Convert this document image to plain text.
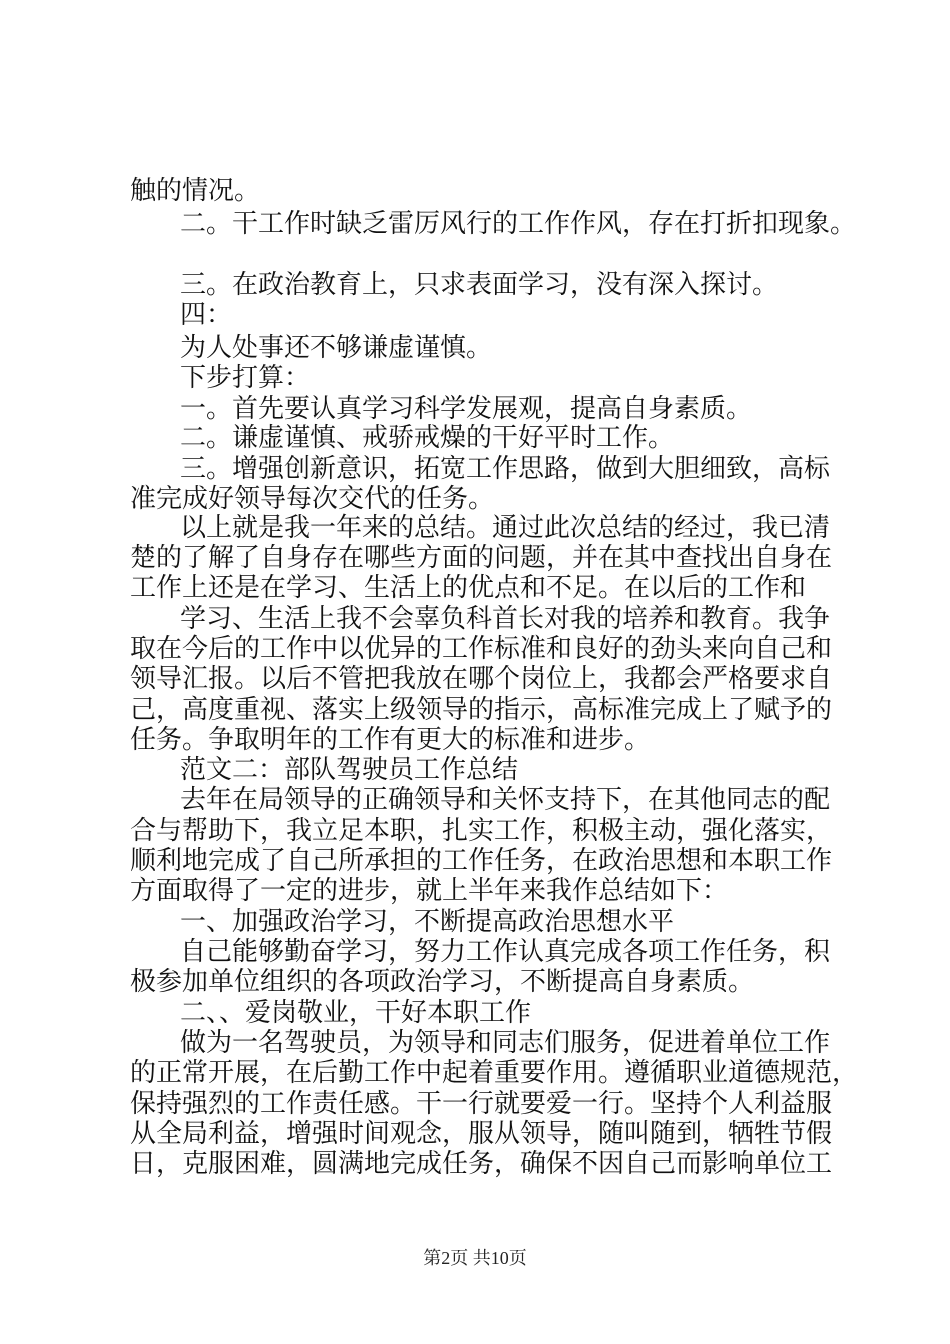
触的情况。
二。干工作时缺乏雷厉风行的工作作风，存在打折扣现象。
三。在政治教育上，只求表面学习，没有深入探讨。
四：
为人处事还不够谦虚谨慎。
下步打算：
一。首先要认真学习科学发展观，提高自身素质。
二。谦虚谨慎、戒骄戒燥的干好平时工作。
三。增强创新意识，拓宽工作思路，做到大胆细致，高标
准完成好领导每次交代的任务。
以上就是我一年来的总结。通过此次总结的经过，我已清
楚的了解了自身存在哪些方面的问题，并在其中查找出自身在
工作上还是在学习、生活上的优点和不足。在以后的工作和
学习、生活上我不会辜负科首长对我的培养和教育。我争
取在今后的工作中以优异的工作标准和良好的劲头来向自己和
领导汇报。以后不管把我放在哪个岗位上，我都会严格要求自
己，高度重视、落实上级领导的指示，高标准完成上了赋予的
任务。争取明年的工作有更大的标准和进步。
范文二：部队驾驶员工作总结
去年在局领导的正确领导和关怀支持下，在其他同志的配
合与帮助下，我立足本职，扎实工作，积极主动，强化落实，
顺利地完成了自己所承担的工作任务，在政治思想和本职工作
方面取得了一定的进步，就上半年来我作总结如下：
一、加强政治学习，不断提高政治思想水平
自己能够勤奋学习，努力工作认真完成各项工作任务，积
极参加单位组织的各项政治学习，不断提高自身素质。
二、、爱岗敬业，干好本职工作
做为一名驾驶员，为领导和同志们服务，促进着单位工作
的正常开展，在后勤工作中起着重要作用。遵循职业道德规范，
保持强烈的工作责任感。干一行就要爱一行。坚持个人利益服
从全局利益，增强时间观念，服从领导，随叫随到，牺牲节假
日，克服困难，圆满地完成任务，确保不因自己而影响单位工
第2页 共10页
